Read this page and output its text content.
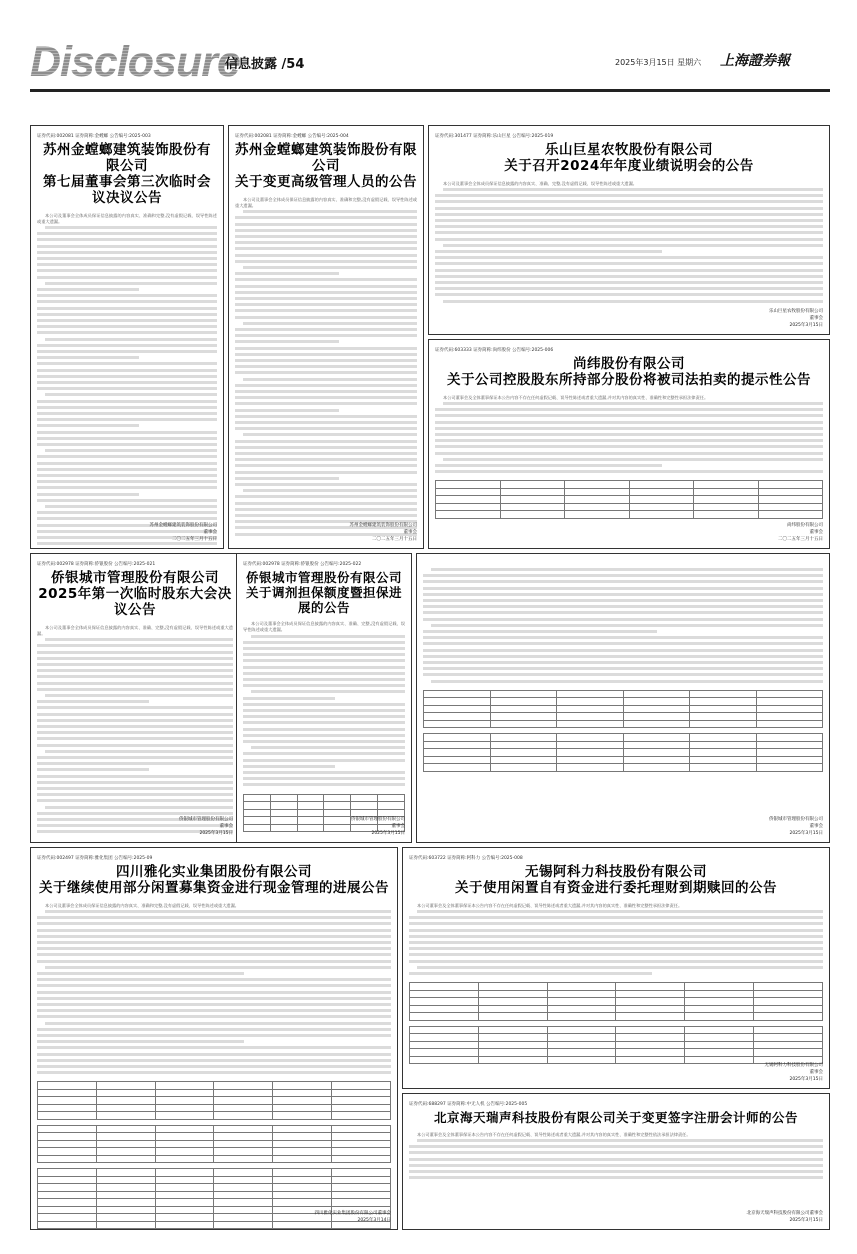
Disclosure
信息披露 /54	2025年3月15日 星期六 上海證券報
证券代码:002081 证券简称:金螳螂 公告编号:2025-003
苏州金螳螂建筑装饰股份有限公司
第七届董事会第三次临时会议决议公告

本公司及董事会全体成员保证信息披露的内容真实、准确和完整,没有虚假记载、误导性陈述或重大遗漏。

苏州金螳螂建筑装饰股份有限公司
董事会
二〇二五年三月十五日
证券代码:002081 证券简称:金螳螂 公告编号:2025-004
苏州金螳螂建筑装饰股份有限公司
关于变更高级管理人员的公告

本公司及董事会全体成员保证信息披露的内容真实、准确和完整,没有虚假记载、误导性陈述或重大遗漏。

苏州金螳螂建筑装饰股份有限公司
董事会
二〇二五年三月十五日
证券代码:301477 证券简称:乐山巨星 公告编号:2025-019
乐山巨星农牧股份有限公司
关于召开2024年年度业绩说明会的公告

本公司及董事会全体成员保证信息披露的内容真实、准确、完整,没有虚假记载、误导性陈述或重大遗漏。

乐山巨星农牧股份有限公司
董事会
2025年3月15日
证券代码:603333 证券简称:尚纬股份 公告编号:2025-006
尚纬股份有限公司
关于公司控股股东所持部分股份将被司法拍卖的提示性公告

本公司董事会及全体董事保证本公告内容不存在任何虚假记载、误导性陈述或者重大遗漏,并对其内容的真实性、准确性和完整性承担法律责任。

尚纬股份有限公司
董事会
二〇二五年三月十五日
证券代码:002978 证券简称:侨银股份 公告编号:2025-021
侨银城市管理股份有限公司
2025年第一次临时股东大会决议公告

本公司及董事会全体成员保证信息披露的内容真实、准确、完整,没有虚假记载、误导性陈述或重大遗漏。

侨银城市管理股份有限公司
董事会
2025年3月15日
证券代码:002978 证券简称:侨银股份 公告编号:2025-022
侨银城市管理股份有限公司
关于调剂担保额度暨担保进展的公告

本公司及董事会全体成员保证信息披露的内容真实、准确、完整,没有虚假记载、误导性陈述或重大遗漏。

侨银城市管理股份有限公司
董事会
2025年3月15日

侨银城市管理股份有限公司
董事会
2025年3月15日
证券代码:002497 证券简称:雅化集团 公告编号:2025-09
四川雅化实业集团股份有限公司
关于继续使用部分闲置募集资金进行现金管理的进展公告

本公司及董事会全体成员保证信息披露的内容真实、准确和完整,没有虚假记载、误导性陈述或重大遗漏。

四川雅化实业集团股份有限公司董事会
2025年3月14日
证券代码:603722 证券简称:阿科力 公告编号:2025-008
无锡阿科力科技股份有限公司
关于使用闲置自有资金进行委托理财到期赎回的公告

本公司董事会及全体董事保证本公告内容不存在任何虚假记载、误导性陈述或者重大遗漏,并对其内容的真实性、准确性和完整性承担法律责任。

无锡阿科力科技股份有限公司
董事会
2025年3月15日
证券代码:688297 证券简称:中无人机 公告编号:2025-005
北京海天瑞声科技股份有限公司关于变更签字注册会计师的公告

本公司董事会及全体董事保证本公告内容不存在任何虚假记载、误导性陈述或者重大遗漏,并对其内容的真实性、准确性和完整性依法承担法律责任。

北京海天瑞声科技股份有限公司董事会
2025年3月15日
